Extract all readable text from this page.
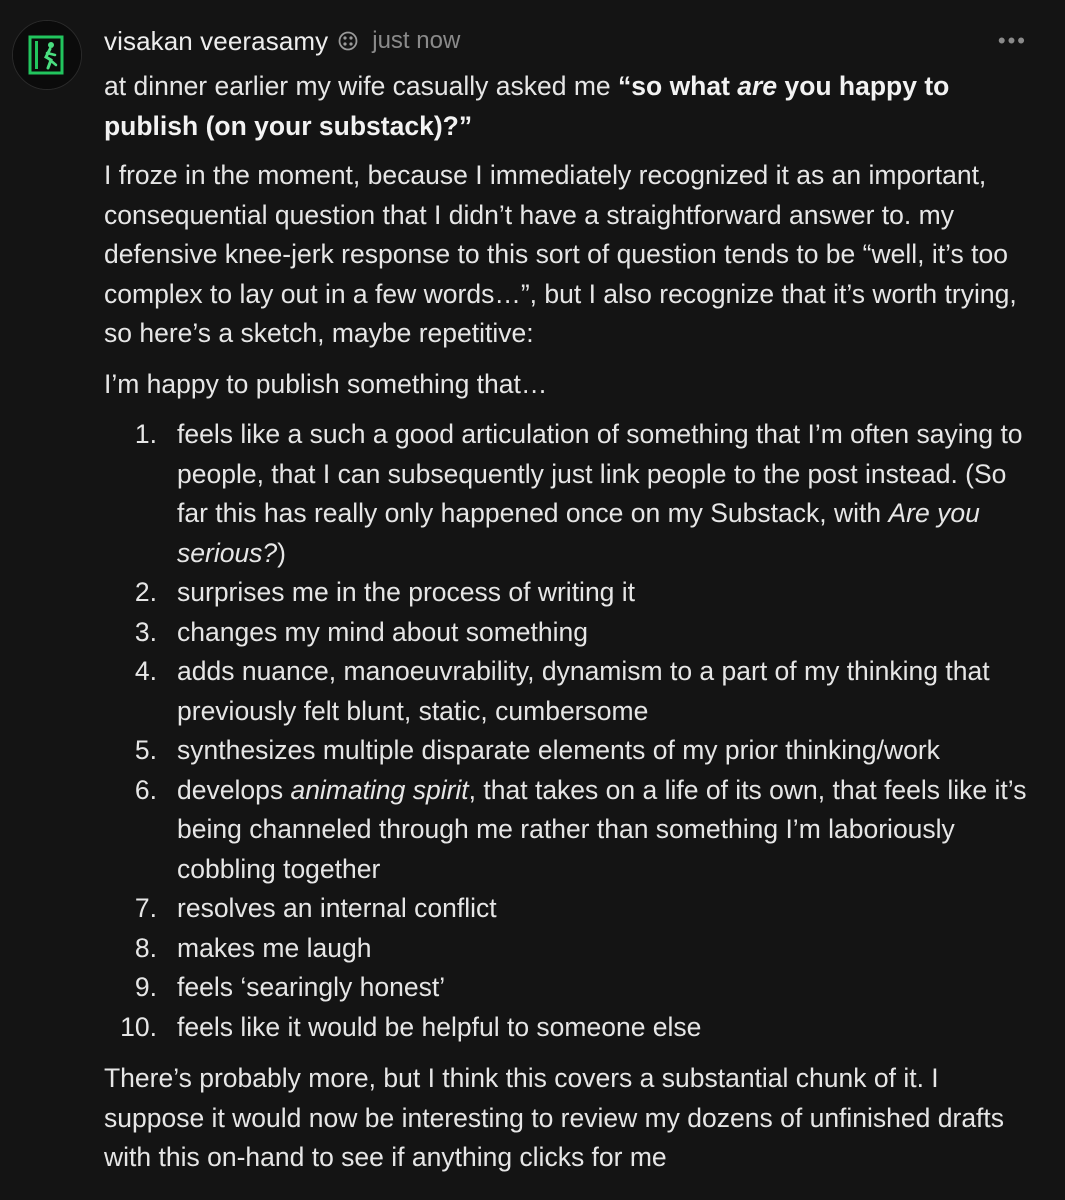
visakan veerasamy just now	•••

at dinner earlier my wife casually asked me “so what are you happy to publish (on your substack)?”

I froze in the moment, because I immediately recognized it as an important, consequential question that I didn’t have a straightforward answer to. my defensive knee-jerk response to this sort of question tends to be “well, it’s too complex to lay out in a few words…”, but I also recognize that it’s worth trying, so here’s a sketch, maybe repetitive:

I’m happy to publish something that…

1. feels like a such a good articulation of something that I’m often saying to people, that I can subsequently just link people to the post instead. (So far this has really only happened once on my Substack, with Are you serious?)
2. surprises me in the process of writing it
3. changes my mind about something
4. adds nuance, manoeuvrability, dynamism to a part of my thinking that previously felt blunt, static, cumbersome
5. synthesizes multiple disparate elements of my prior thinking/work
6. develops animating spirit, that takes on a life of its own, that feels like it’s being channeled through me rather than something I’m laboriously cobbling together
7. resolves an internal conflict
8. makes me laugh
9. feels ‘searingly honest’
10. feels like it would be helpful to someone else

There’s probably more, but I think this covers a substantial chunk of it. I suppose it would now be interesting to review my dozens of unfinished drafts with this on-hand to see if anything clicks for me
